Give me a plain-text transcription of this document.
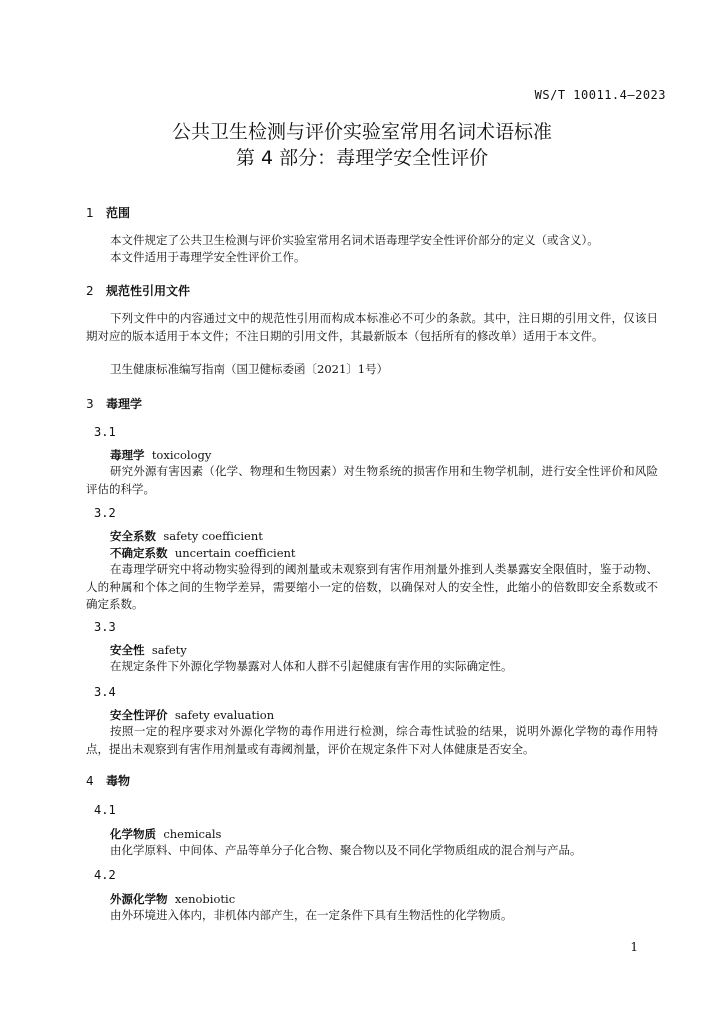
WS/T 10011.4—2023
公共卫生检测与评价实验室常用名词术语标准
第 4 部分：毒理学安全性评价
1 范围

本文件规定了公共卫生检测与评价实验室常用名词术语毒理学安全性评价部分的定义（或含义）。

本文件适用于毒理学安全性评价工作。

2 规范性引用文件

下列文件中的内容通过文中的规范性引用而构成本标准必不可少的条款。其中，注日期的引用文件，仅该日期对应的版本适用于本文件；不注日期的引用文件，其最新版本（包括所有的修改单）适用于本文件。

卫生健康标准编写指南（国卫健标委函〔2021〕1号）

3 毒理学
3.1
毒理学 toxicology

研究外源有害因素（化学、物理和生物因素）对生物系统的损害作用和生物学机制，进行安全性评价和风险评估的科学。

3.2
安全系数 safety coefficient
不确定系数 uncertain coefficient

在毒理学研究中将动物实验得到的阈剂量或未观察到有害作用剂量外推到人类暴露安全限值时，鉴于动物、人的种属和个体之间的生物学差异，需要缩小一定的倍数，以确保对人的安全性，此缩小的倍数即安全系数或不确定系数。

3.3
安全性 safety

在规定条件下外源化学物暴露对人体和人群不引起健康有害作用的实际确定性。

3.4
安全性评价 safety evaluation

按照一定的程序要求对外源化学物的毒作用进行检测，综合毒性试验的结果，说明外源化学物的毒作用特点，提出未观察到有害作用剂量或有毒阈剂量，评价在规定条件下对人体健康是否安全。

4 毒物
4.1
化学物质 chemicals

由化学原料、中间体、产品等单分子化合物、聚合物以及不同化学物质组成的混合剂与产品。

4.2
外源化学物 xenobiotic

由外环境进入体内，非机体内部产生，在一定条件下具有生物活性的化学物质。

1
